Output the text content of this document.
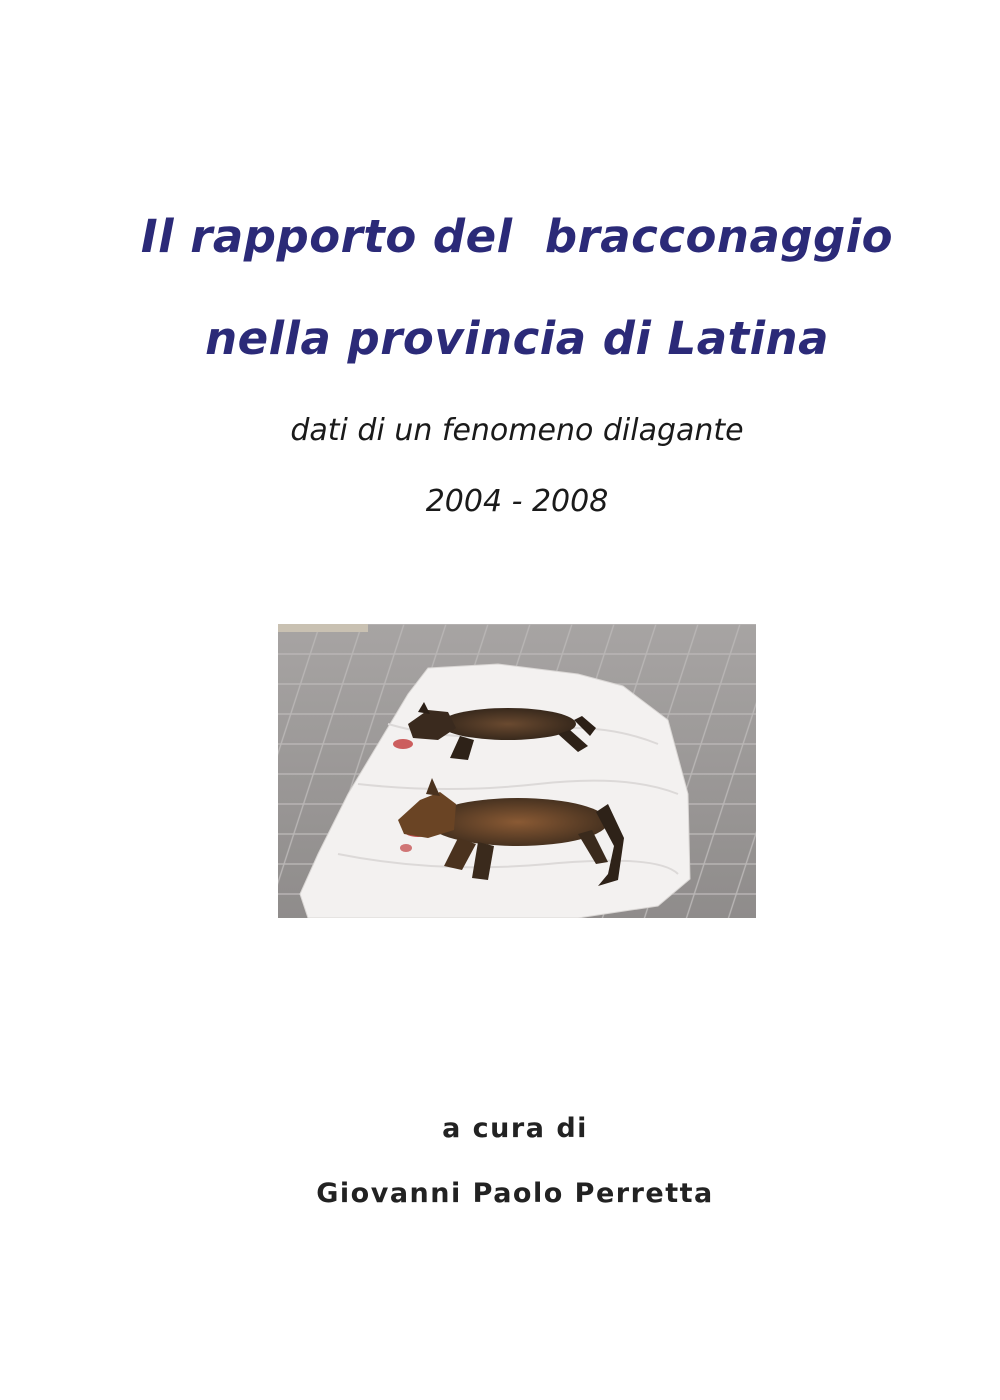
Il rapporto del  bracconaggio
nella provincia di Latina
dati di un fenomeno dilagante
2004 - 2008
a cura di
Giovanni Paolo Perretta
